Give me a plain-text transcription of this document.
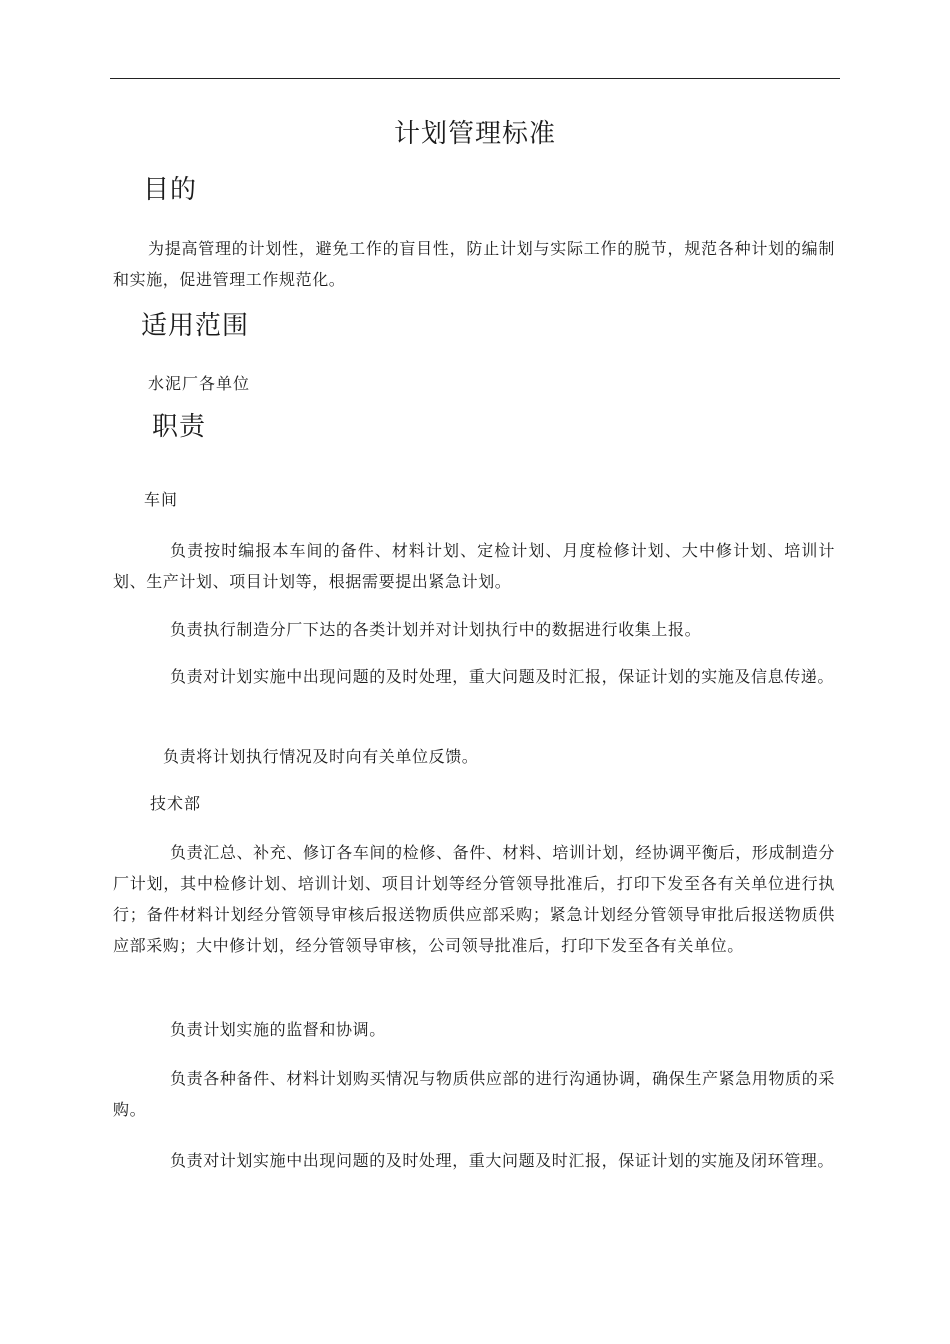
计划管理标准
目的
为提高管理的计划性，避免工作的盲目性，防止计划与实际工作的脱节，规范各种计划的编制和实施，促进管理工作规范化。
适用范围
水泥厂各单位
职责
车间
负责按时编报本车间的备件、材料计划、定检计划、月度检修计划、大中修计划、培训计划、生产计划、项目计划等，根据需要提出紧急计划。
负责执行制造分厂下达的各类计划并对计划执行中的数据进行收集上报。
负责对计划实施中出现问题的及时处理，重大问题及时汇报，保证计划的实施及信息传递。
负责将计划执行情况及时向有关单位反馈。
技术部
负责汇总、补充、修订各车间的检修、备件、材料、培训计划，经协调平衡后，形成制造分厂计划，其中检修计划、培训计划、项目计划等经分管领导批准后，打印下发至各有关单位进行执行；备件材料计划经分管领导审核后报送物质供应部采购；紧急计划经分管领导审批后报送物质供应部采购；大中修计划，经分管领导审核，公司领导批准后，打印下发至各有关单位。
负责计划实施的监督和协调。
负责各种备件、材料计划购买情况与物质供应部的进行沟通协调，确保生产紧急用物质的采购。
负责对计划实施中出现问题的及时处理，重大问题及时汇报，保证计划的实施及闭环管理。
